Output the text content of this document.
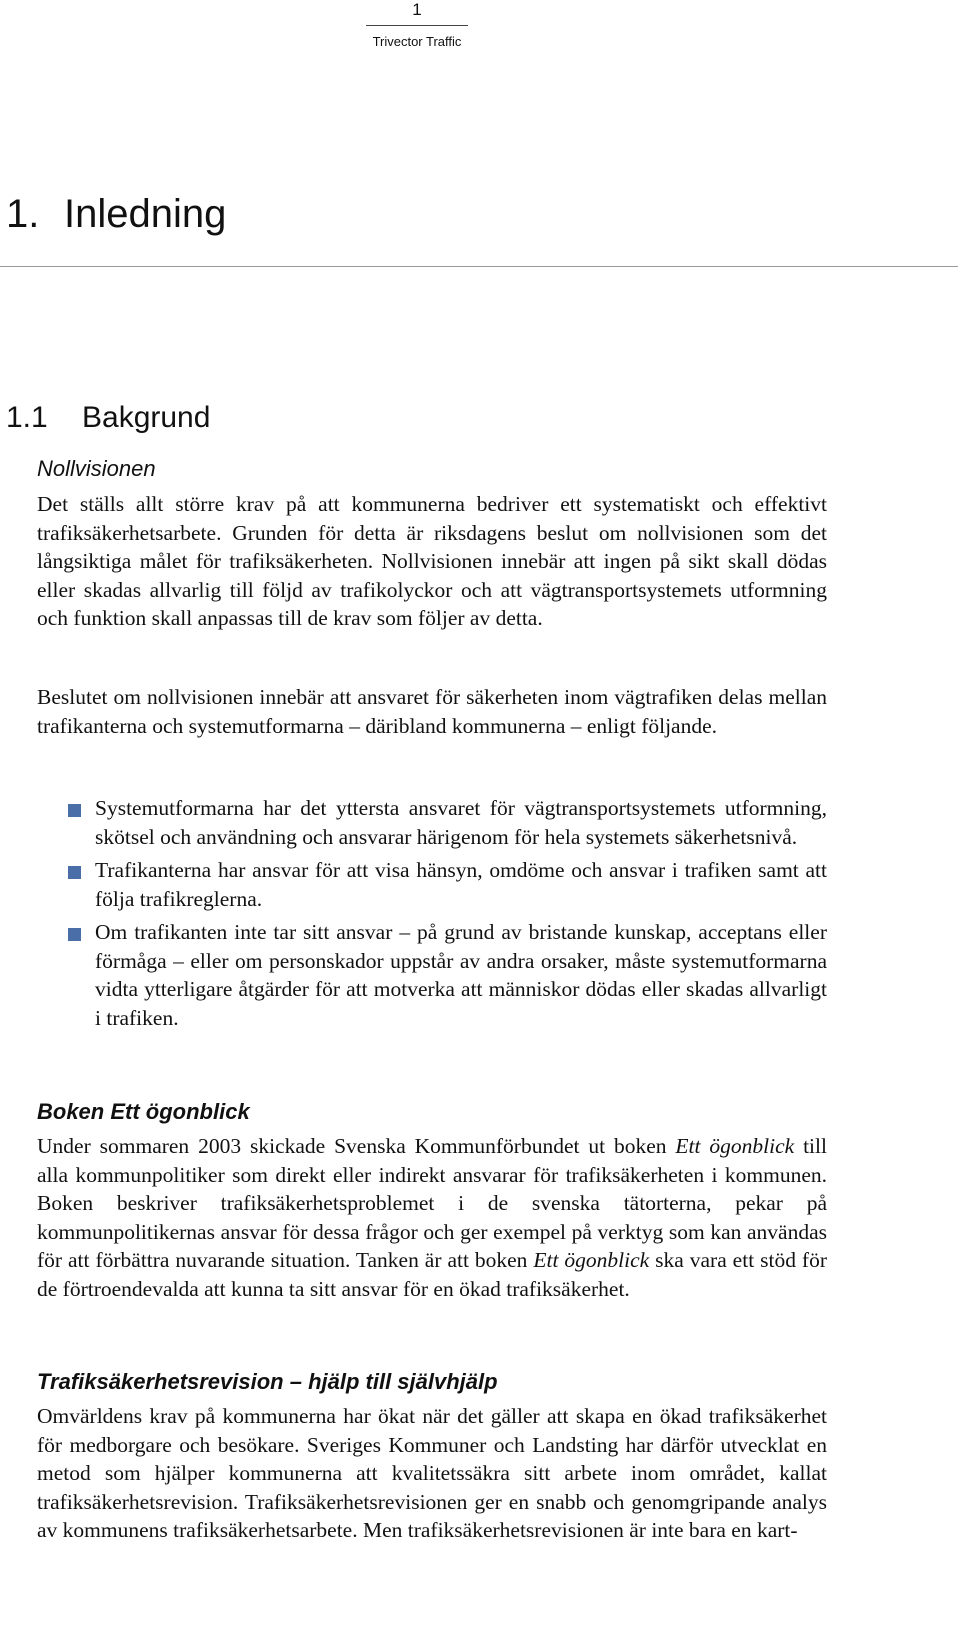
1
Trivector Traffic
1. Inledning
1.1 Bakgrund
Nollvisionen

Det ställs allt större krav på att kommunerna bedriver ett systematiskt och effektivt trafiksäkerhetsarbete. Grunden för detta är riksdagens beslut om nollvisionen som det långsiktiga målet för trafiksäkerheten. Nollvisionen innebär att ingen på sikt skall dödas eller skadas allvarlig till följd av trafikolyckor och att vägtransportsystemets utformning och funktion skall anpassas till de krav som följer av detta.

Beslutet om nollvisionen innebär att ansvaret för säkerheten inom vägtrafiken delas mellan trafikanterna och systemutformarna – däribland kommunerna – enligt följande.

Systemutformarna har det yttersta ansvaret för vägtransportsystemets utformning, skötsel och användning och ansvarar härigenom för hela systemets säkerhetsnivå.
Trafikanterna har ansvar för att visa hänsyn, omdöme och ansvar i trafiken samt att följa trafikreglerna.
Om trafikanten inte tar sitt ansvar – på grund av bristande kunskap, acceptans eller förmåga – eller om personskador uppstår av andra orsaker, måste systemutformarna vidta ytterligare åtgärder för att motverka att människor dödas eller skadas allvarligt i trafiken.
Boken Ett ögonblick

Under sommaren 2003 skickade Svenska Kommunförbundet ut boken Ett ögonblick till alla kommunpolitiker som direkt eller indirekt ansvarar för trafiksäkerheten i kommunen. Boken beskriver trafiksäkerhetsproblemet i de svenska tätorterna, pekar på kommunpolitikernas ansvar för dessa frågor och ger exempel på verktyg som kan användas för att förbättra nuvarande situation. Tanken är att boken Ett ögonblick ska vara ett stöd för de förtroendevalda att kunna ta sitt ansvar för en ökad trafiksäkerhet.

Trafiksäkerhetsrevision – hjälp till självhjälp

Omvärldens krav på kommunerna har ökat när det gäller att skapa en ökad trafiksäkerhet för medborgare och besökare. Sveriges Kommuner och Landsting har därför utvecklat en metod som hjälper kommunerna att kvalitetssäkra sitt arbete inom området, kallat trafiksäkerhetsrevision. Trafiksäkerhetsrevisionen ger en snabb och genomgripande analys av kommunens trafiksäkerhetsarbete. Men trafiksäkerhetsrevisionen är inte bara en kart-
